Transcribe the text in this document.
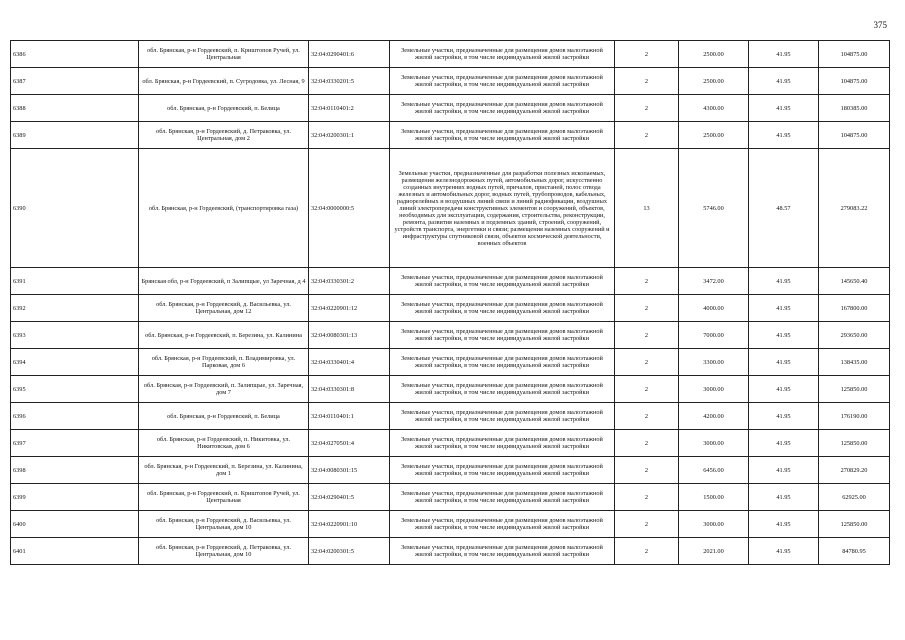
375
6386	обл. Брянская, р-н Гордеевский, п. Криштопов Ручей, ул. Центральная	32:04:0290401:6	Земельные участки, предназначенные для размещения домов малоэтажной жилой застройки, в том числе индивидуальной жилой застройки	2	2500.00	41.95	104875.00
6387	обл. Брянская, р-н Гордеевский, п. Сугродовка, ул. Лесная, 9	32:04:0330201:5	Земельные участки, предназначенные для размещения домов малоэтажной жилой застройки, в том числе индивидуальной жилой застройки	2	2500.00	41.95	104875.00
6388	обл. Брянская, р-н Гордеевский, п. Белица	32:04:0110401:2	Земельные участки, предназначенные для размещения домов малоэтажной жилой застройки, в том числе индивидуальной жилой застройки	2	4300.00	41.95	180385.00
6389	обл. Брянская, р-н Гордеевский, д. Петраковка, ул. Центральная, дом 2	32:04:0200301:1	Земельные участки, предназначенные для размещения домов малоэтажной жилой застройки, в том числе индивидуальной жилой застройки	2	2500.00	41.95	104875.00
6390	обл. Брянская, р-н Гордеевский, (транспортировка газа)	32:04:0000000:5	Земельные участки, предназначенные для разработки полезных ископаемых, размещения железнодорожных путей, автомобильных дорог, искусственно созданных внутренних водных путей, причалов, пристаней, полос отвода железных и автомобильных дорог, водных путей, трубопроводов, кабельных, радиорелейных и воздушных линий связи и линий радиофикации, воздушных линий электропередачи конструктивных элементов и сооружений, объектов, необходимых для эксплуатации, содержания, строительства, реконструкции, ремонта, развития наземных и подземных зданий, строений, сооружений, устройств транспорта, энергетики и связи; размещения наземных сооружений и инфраструктуры спутниковой связи, объектов космической деятельности, военных объектов	13	5746.00	48.57	279083.22
6391	Брянская обл, р-н Гордеевский, п Залипщые, ул Заречная, д 4	32:04:0330301:2	Земельные участки, предназначенные для размещения домов малоэтажной жилой застройки, в том числе индивидуальной жилой застройки	2	3472.00	41.95	145650.40
6392	обл. Брянская, р-н Гордеевский, д. Васильевка, ул. Центральная, дом 12	32:04:0220901:12	Земельные участки, предназначенные для размещения домов малоэтажной жилой застройки, в том числе индивидуальной жилой застройки	2	4000.00	41.95	167800.00
6393	обл. Брянская, р-н Гордеевский, п. Березина, ул. Калинина	32:04:0080301:13	Земельные участки, предназначенные для размещения домов малоэтажной жилой застройки, в том числе индивидуальной жилой застройки	2	7000.00	41.95	293650.00
6394	обл. Брянская, р-н Гордеевский, п. Владимировка, ул. Парковая, дом 6	32:04:0330401:4	Земельные участки, предназначенные для размещения домов малоэтажной жилой застройки, в том числе индивидуальной жилой застройки	2	3300.00	41.95	138435.00
6395	обл. Брянская, р-н Гордеевский, п. Залипщые, ул. Заречная, дом 7	32:04:0330301:8	Земельные участки, предназначенные для размещения домов малоэтажной жилой застройки, в том числе индивидуальной жилой застройки	2	3000.00	41.95	125850.00
6396	обл. Брянская, р-н Гордеевский, п. Белица	32:04:0110401:1	Земельные участки, предназначенные для размещения домов малоэтажной жилой застройки, в том числе индивидуальной жилой застройки	2	4200.00	41.95	176190.00
6397	обл. Брянская, р-н Гордеевский, п. Никитовка, ул. Никитовская, дом 6	32:04:0270501:4	Земельные участки, предназначенные для размещения домов малоэтажной жилой застройки, в том числе индивидуальной жилой застройки	2	3000.00	41.95	125850.00
6398	обл. Брянская, р-н Гордеевский, п. Березина, ул. Калинина, дом 1	32:04:0080301:15	Земельные участки, предназначенные для размещения домов малоэтажной жилой застройки, в том числе индивидуальной жилой застройки	2	6456.00	41.95	270829.20
6399	обл. Брянская, р-н Гордеевский, п. Криштопов Ручей, ул. Центральная	32:04:0290401:5	Земельные участки, предназначенные для размещения домов малоэтажной жилой застройки, в том числе индивидуальной жилой застройки	2	1500.00	41.95	62925.00
6400	обл. Брянская, р-н Гордеевский, д. Васильевка, ул. Центральная, дом 10	32:04:0220901:10	Земельные участки, предназначенные для размещения домов малоэтажной жилой застройки, в том числе индивидуальной жилой застройки	2	3000.00	41.95	125850.00
6401	обл. Брянская, р-н Гордеевский, д. Петраковка, ул. Центральная, дом 10	32:04:0200301:5	Земельные участки, предназначенные для размещения домов малоэтажной жилой застройки, в том числе индивидуальной жилой застройки	2	2021.00	41.95	84780.95
